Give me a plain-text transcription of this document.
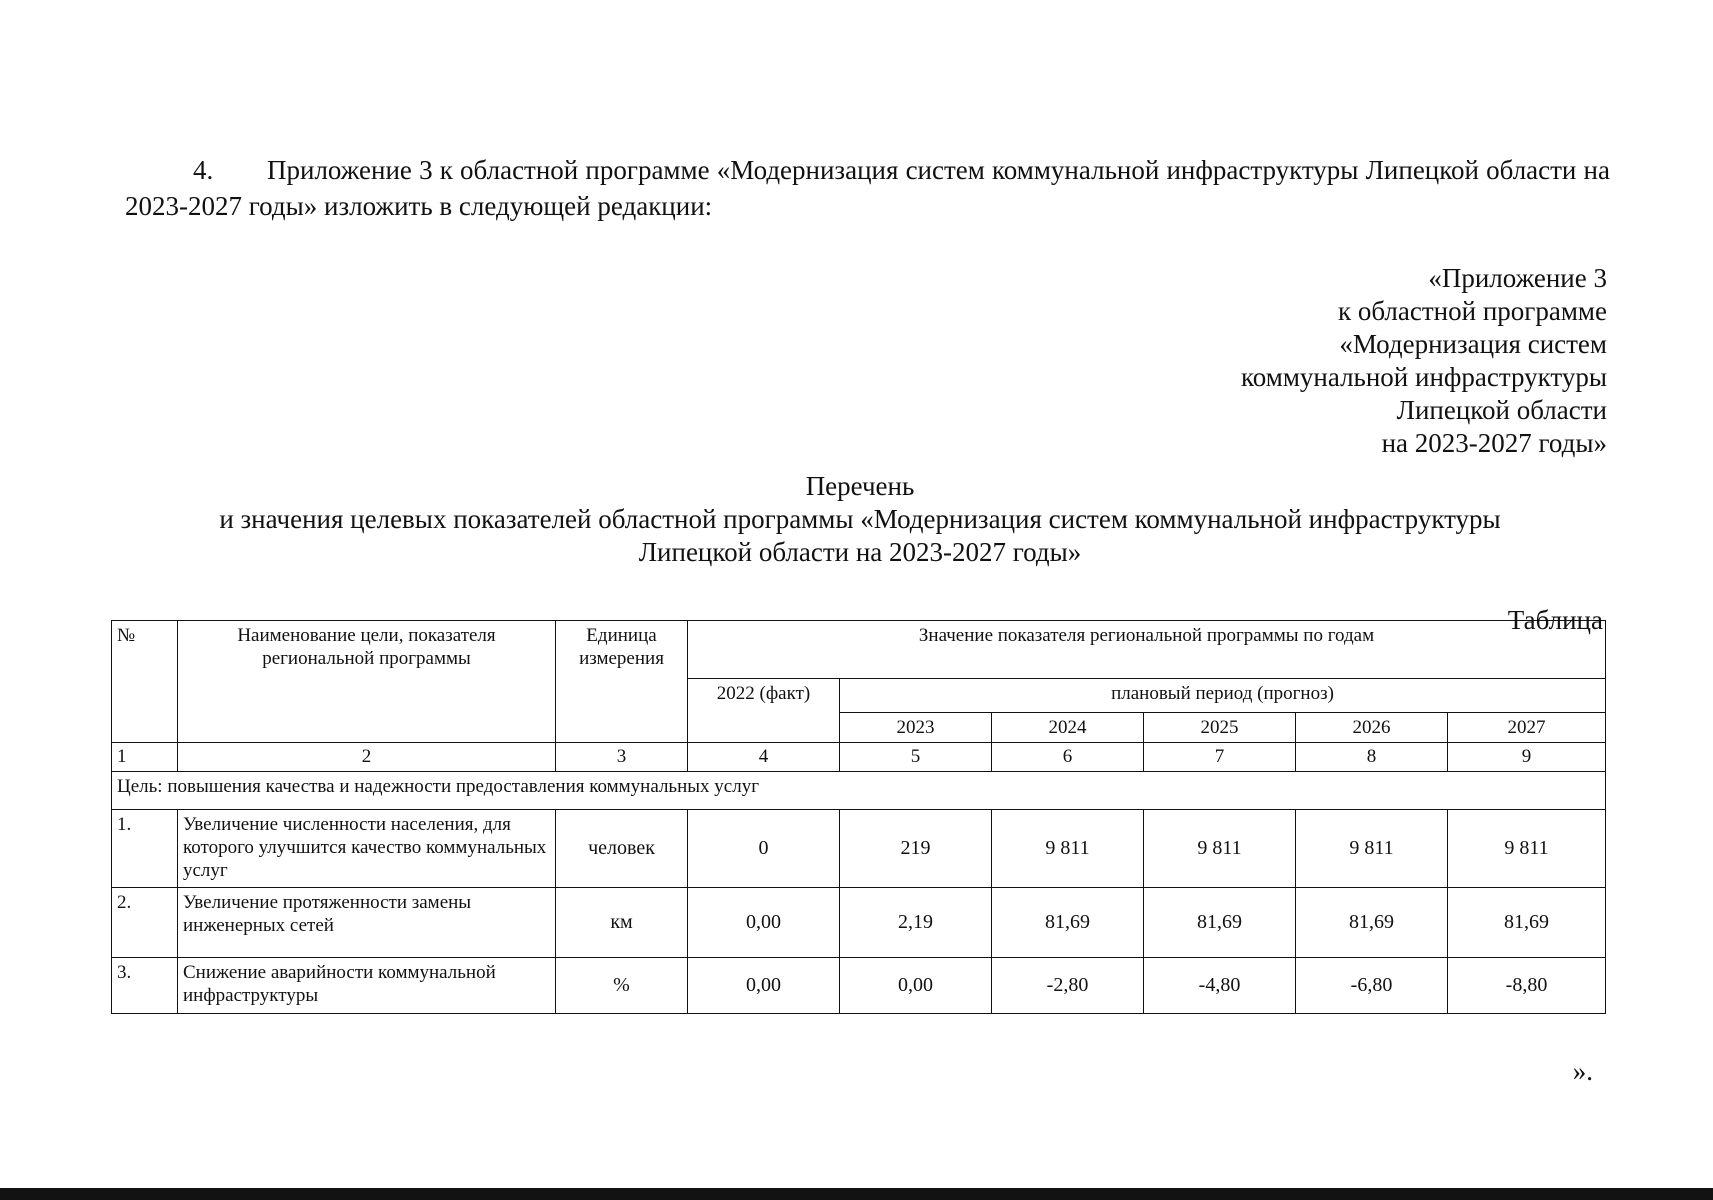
4. Приложение 3 к областной программе «Модернизация систем коммунальной инфраструктуры Липецкой области на 2023-2027 годы» изложить в следующей редакции:
«Приложение 3
к областной программе
«Модернизация систем
коммунальной инфраструктуры
Липецкой области
на 2023-2027 годы»
Перечень
и значения целевых показателей областной программы «Модернизация систем коммунальной инфраструктуры
Липецкой области на 2023-2027 годы»
Таблица
№	Наименование цели, показателя региональной программы	Единица измерения	Значение показателя региональной программы по годам					
			2022 (факт)	плановый период (прогноз)				
				2023	2024	2025	2026	2027
1	2	3	4	5	6	7	8	9
Цель: повышения качества и надежности предоставления коммунальных услуг								
1.	Увеличение численности населения, для которого улучшится качество коммунальных услуг	человек	0	219	9 811	9 811	9 811	9 811
2.	Увеличение протяженности замены инженерных сетей	км	0,00	2,19	81,69	81,69	81,69	81,69
3.	Снижение аварийности коммунальной инфраструктуры	%	0,00	0,00	-2,80	-4,80	-6,80	-8,80
».
